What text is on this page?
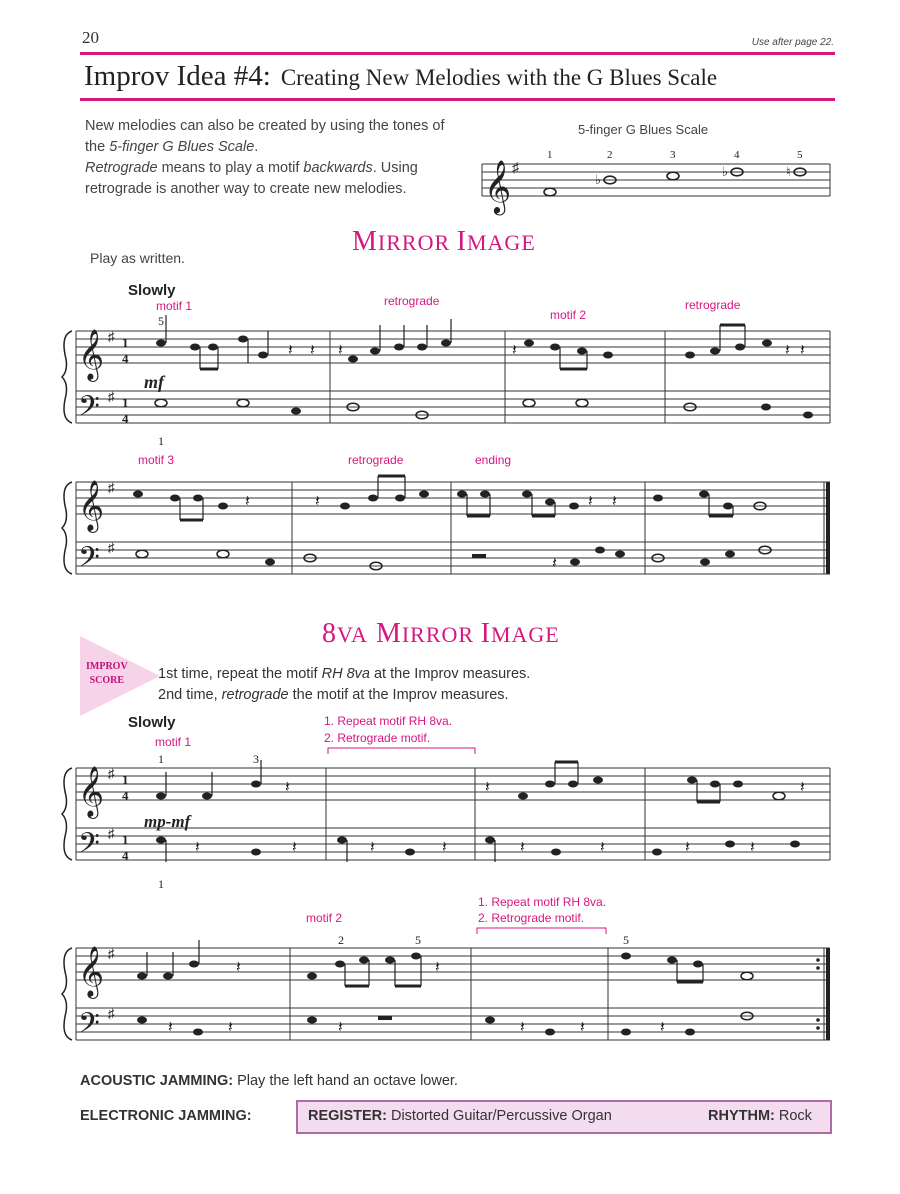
20	Use after page 22.
Improv Idea #4: Creating New Melodies with the G Blues Scale

New melodies can also be created by using the tones of the 5-finger G Blues Scale.

Retrograde means to play a motif backwards. Using retrograde is another way to create new melodies.

5-finger G Blues Scale
𝄞 ♯
♭
♭	♮
1	2	3	4	5
MIRROR IMAGE
Play as written.
Slowly
motif 1	retrograde
motif 2
retrograde
5
1
mf
𝄞
𝄢
♯
♯
1
4
1
4
𝄽 𝄽 𝄽	𝄽	𝄽 𝄽
motif 3	retrograde	ending
𝄞
𝄢
♯
♯
𝄽	𝄽	𝄽 𝄽
𝄽
8VA MIRROR IMAGE
IMPROV
SCORE 1st time, repeat the motif RH 8va at the Improv measures.
2nd time, retrograde the motif at the Improv measures.
Slowly	1. Repeat motif RH 8va.
2. Retrograde motif.
motif 1
1	3
1
mp-mf
𝄞
𝄢
♯
♯
1
4
1
4
𝄽	𝄽	𝄽
𝄽	𝄽	𝄽	𝄽	𝄽	𝄽	𝄽	𝄽
1. Repeat motif RH 8va.
2. Retrograde motif.
motif 2
2	5	5
𝄞
𝄢
♯
♯
𝄽	𝄽
𝄽	𝄽	𝄽	𝄽	𝄽	𝄽
ACOUSTIC JAMMING: Play the left hand an octave lower.
ELECTRONIC JAMMING:	REGISTER: Distorted Guitar/Percussive Organ	RHYTHM: Rock
